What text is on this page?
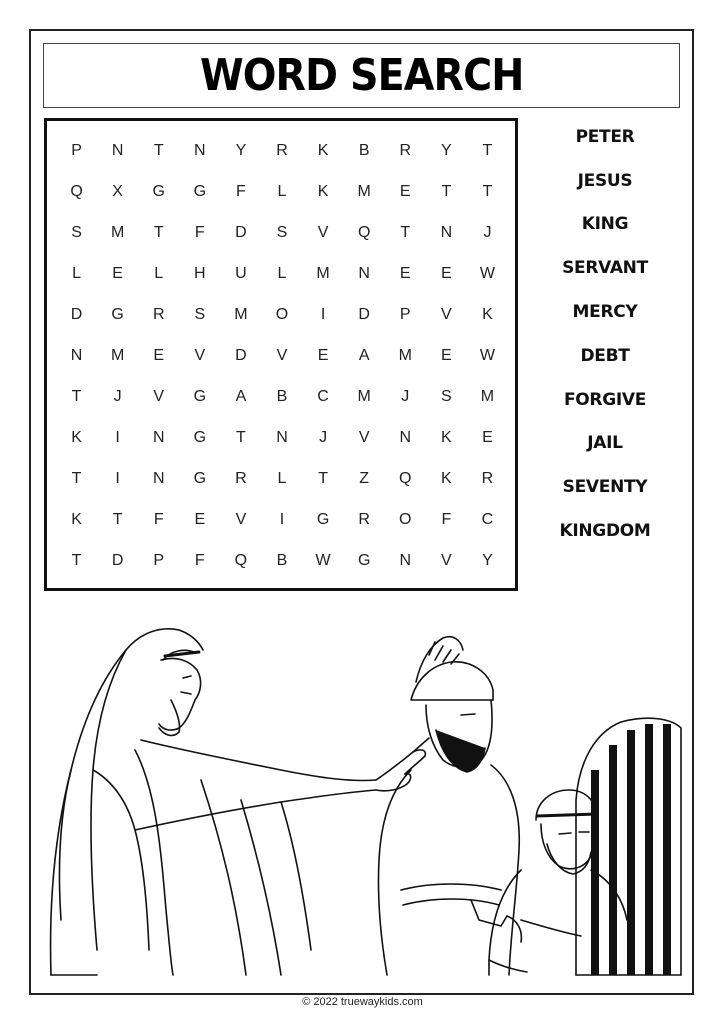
WORD SEARCH
P	N	T	N	Y	R	K	B	R	Y	T
Q	X	G	G	F	L	K	M	E	T	T
S	M	T	F	D	S	V	Q	T	N	J
L	E	L	H	U	L	M	N	E	E	W
D	G	R	S	M	O	I	D	P	V	K
N	M	E	V	D	V	E	A	M	E	W
T	J	V	G	A	B	C	M	J	S	M
K	I	N	G	T	N	J	V	N	K	E
T	I	N	G	R	L	T	Z	Q	K	R
K	T	F	E	V	I	G	R	O	F	C
T	D	P	F	Q	B	W	G	N	V	Y
PETER
JESUS
KING
SERVANT
MERCY
DEBT
FORGIVE
JAIL
SEVENTY
KINGDOM
© 2022 truewaykids.com
